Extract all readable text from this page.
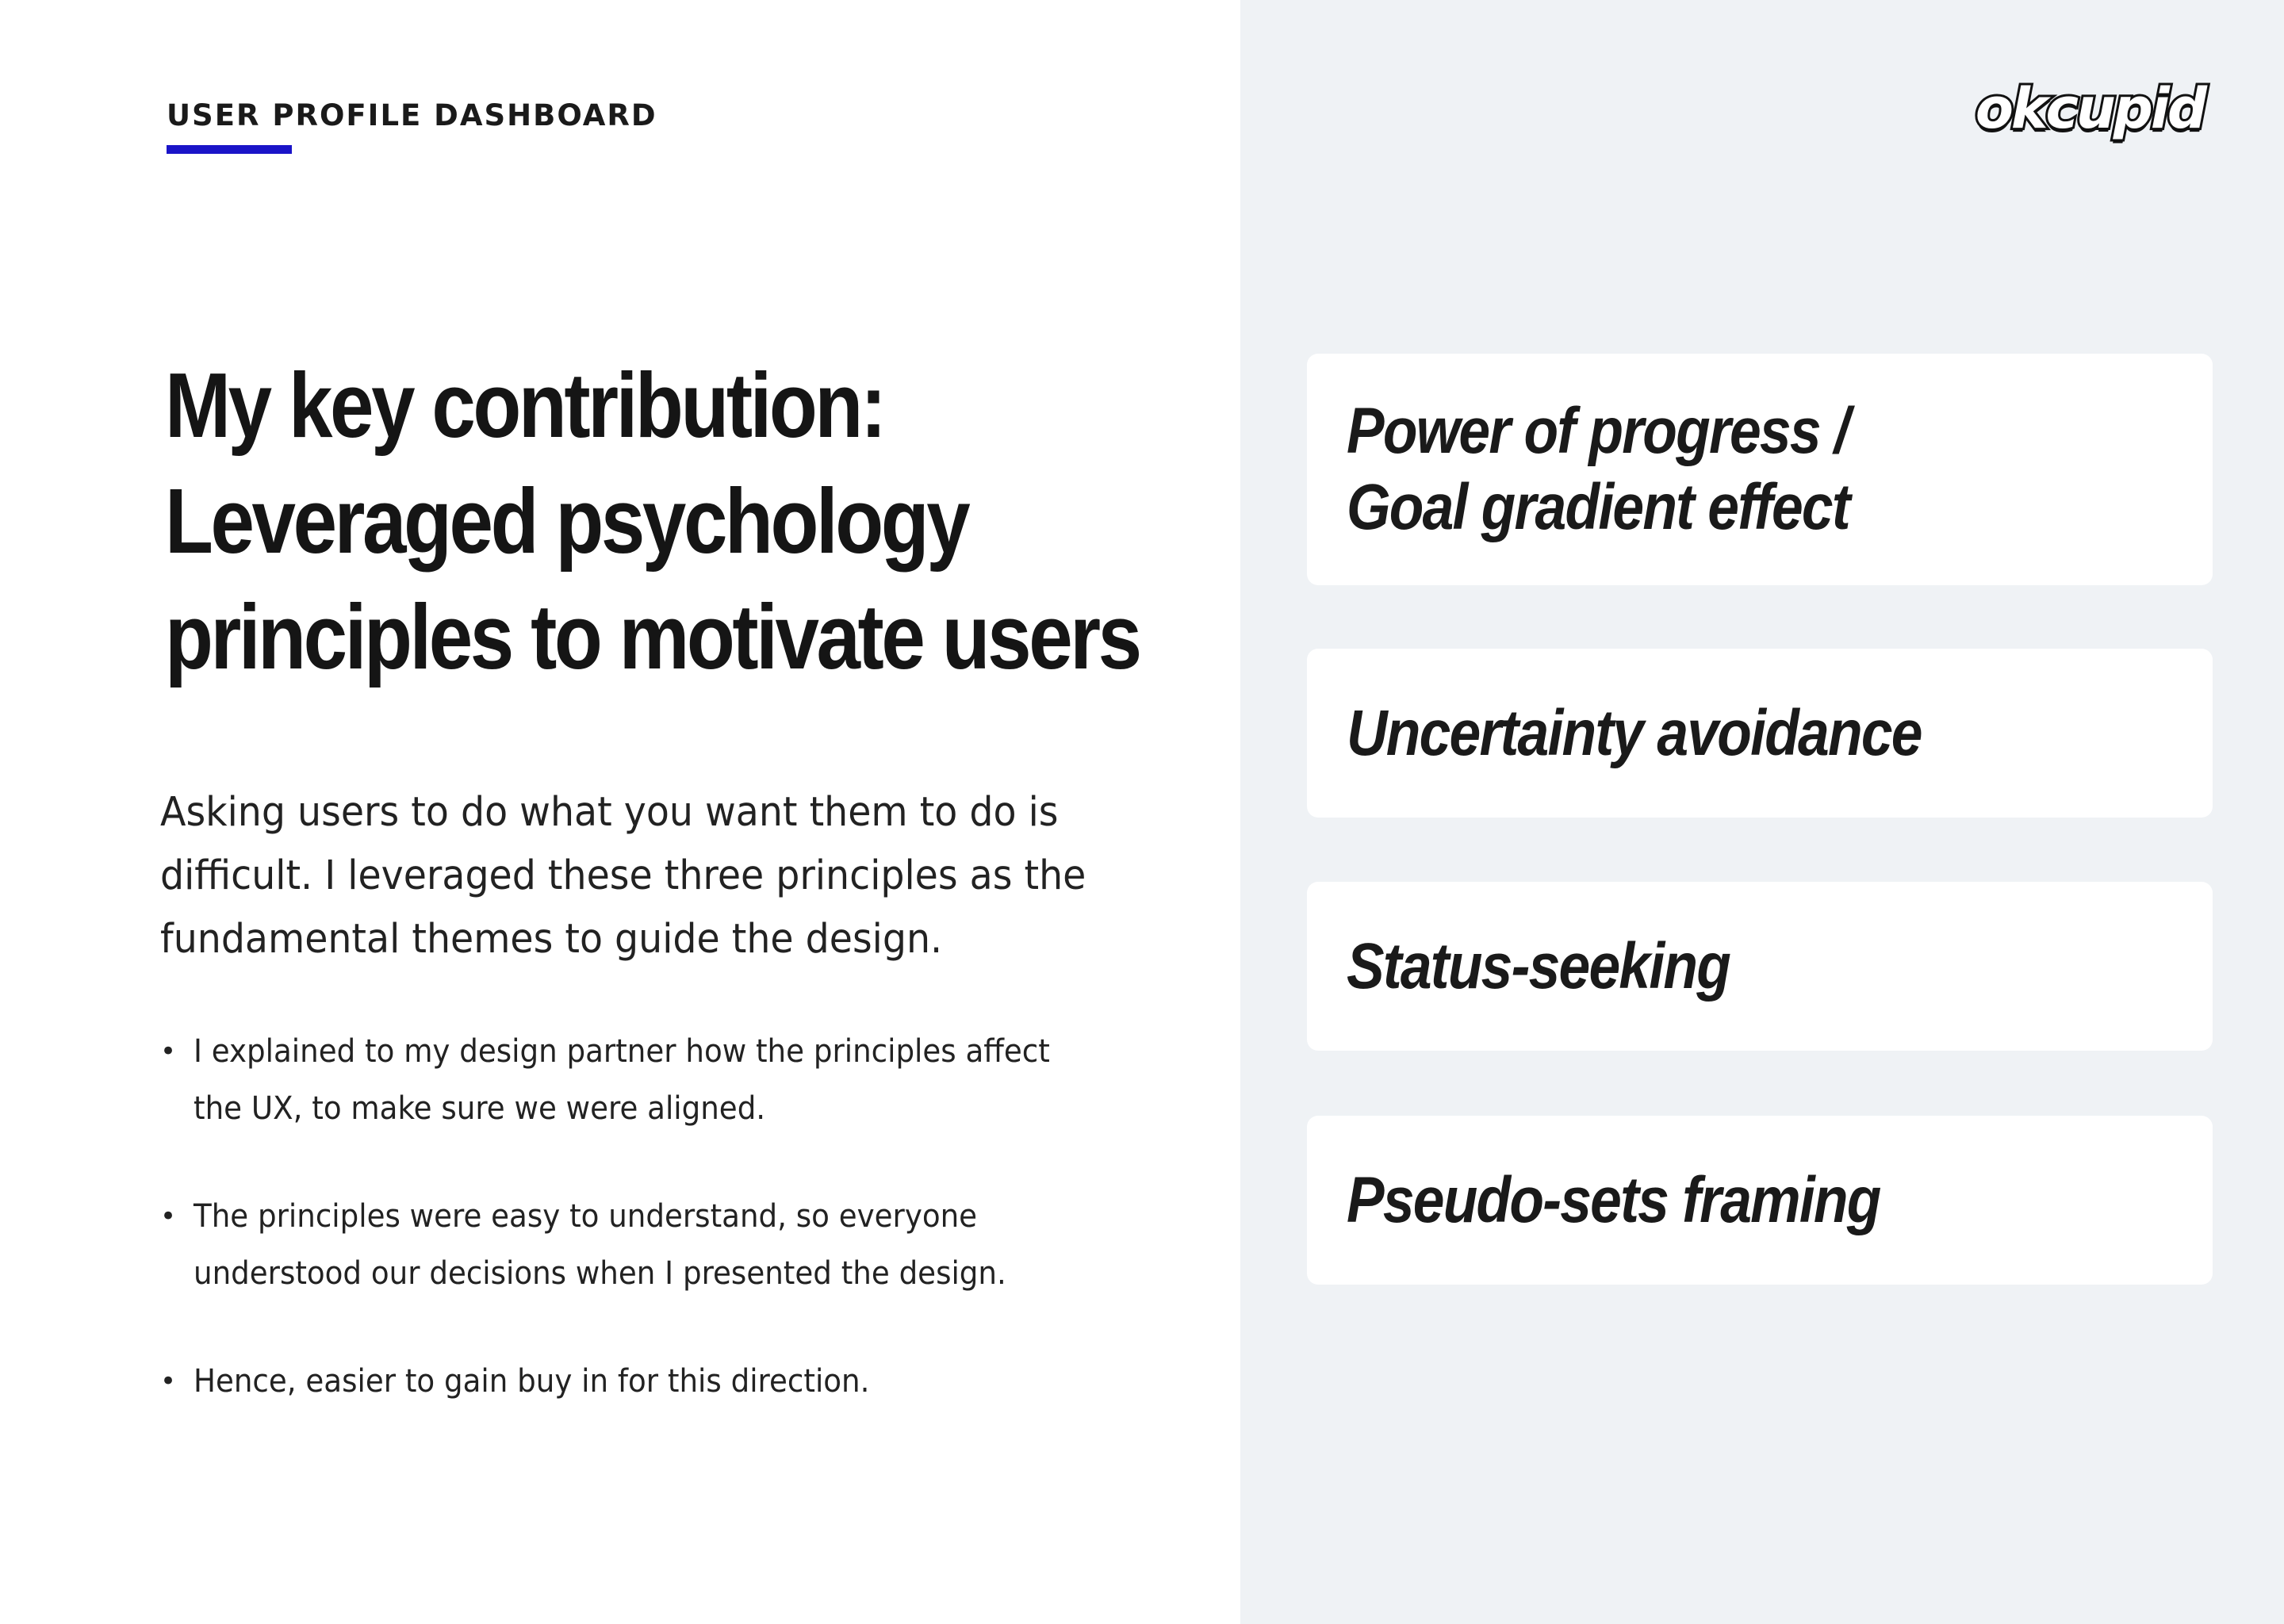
USER PROFILE DASHBOARD
My key contribution:
Leveraged psychology
principles to motivate users

Asking users to do what you want them to do is
difficult. I leveraged these three principles as the
fundamental themes to guide the design.

• I explained to my design partner how the principles affect
the UX, to make sure we were aligned.
• The principles were easy to understand, so everyone
understood our decisions when I presented the design.
• Hence, easier to gain buy in for this direction.
okcupid
Power of progress /
Goal gradient effect
Uncertainty avoidance
Status-seeking
Pseudo-sets framing
